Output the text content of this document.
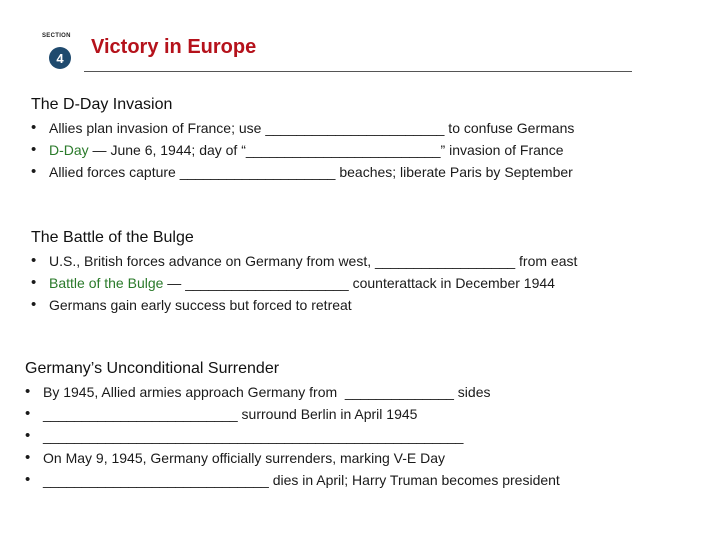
SECTION
4	Victory in Europe
The D-Day Invasion
• Allies plan invasion of France; use _______________________ to confuse Germans
• D-Day — June 6, 1944; day of “_________________________” invasion of France
• Allied forces capture ____________________ beaches; liberate Paris by September
The Battle of the Bulge
• U.S., British forces advance on Germany from west, __________________ from east
• Battle of the Bulge — _____________________ counterattack in December 1944
• Germans gain early success but forced to retreat
Germany’s Unconditional Surrender
• By 1945, Allied armies approach Germany from  ______________ sides
• _________________________ surround Berlin in April 1945
• ______________________________________________________
• On May 9, 1945, Germany officially surrenders, marking V-E Day
• _____________________________ dies in April; Harry Truman becomes president
